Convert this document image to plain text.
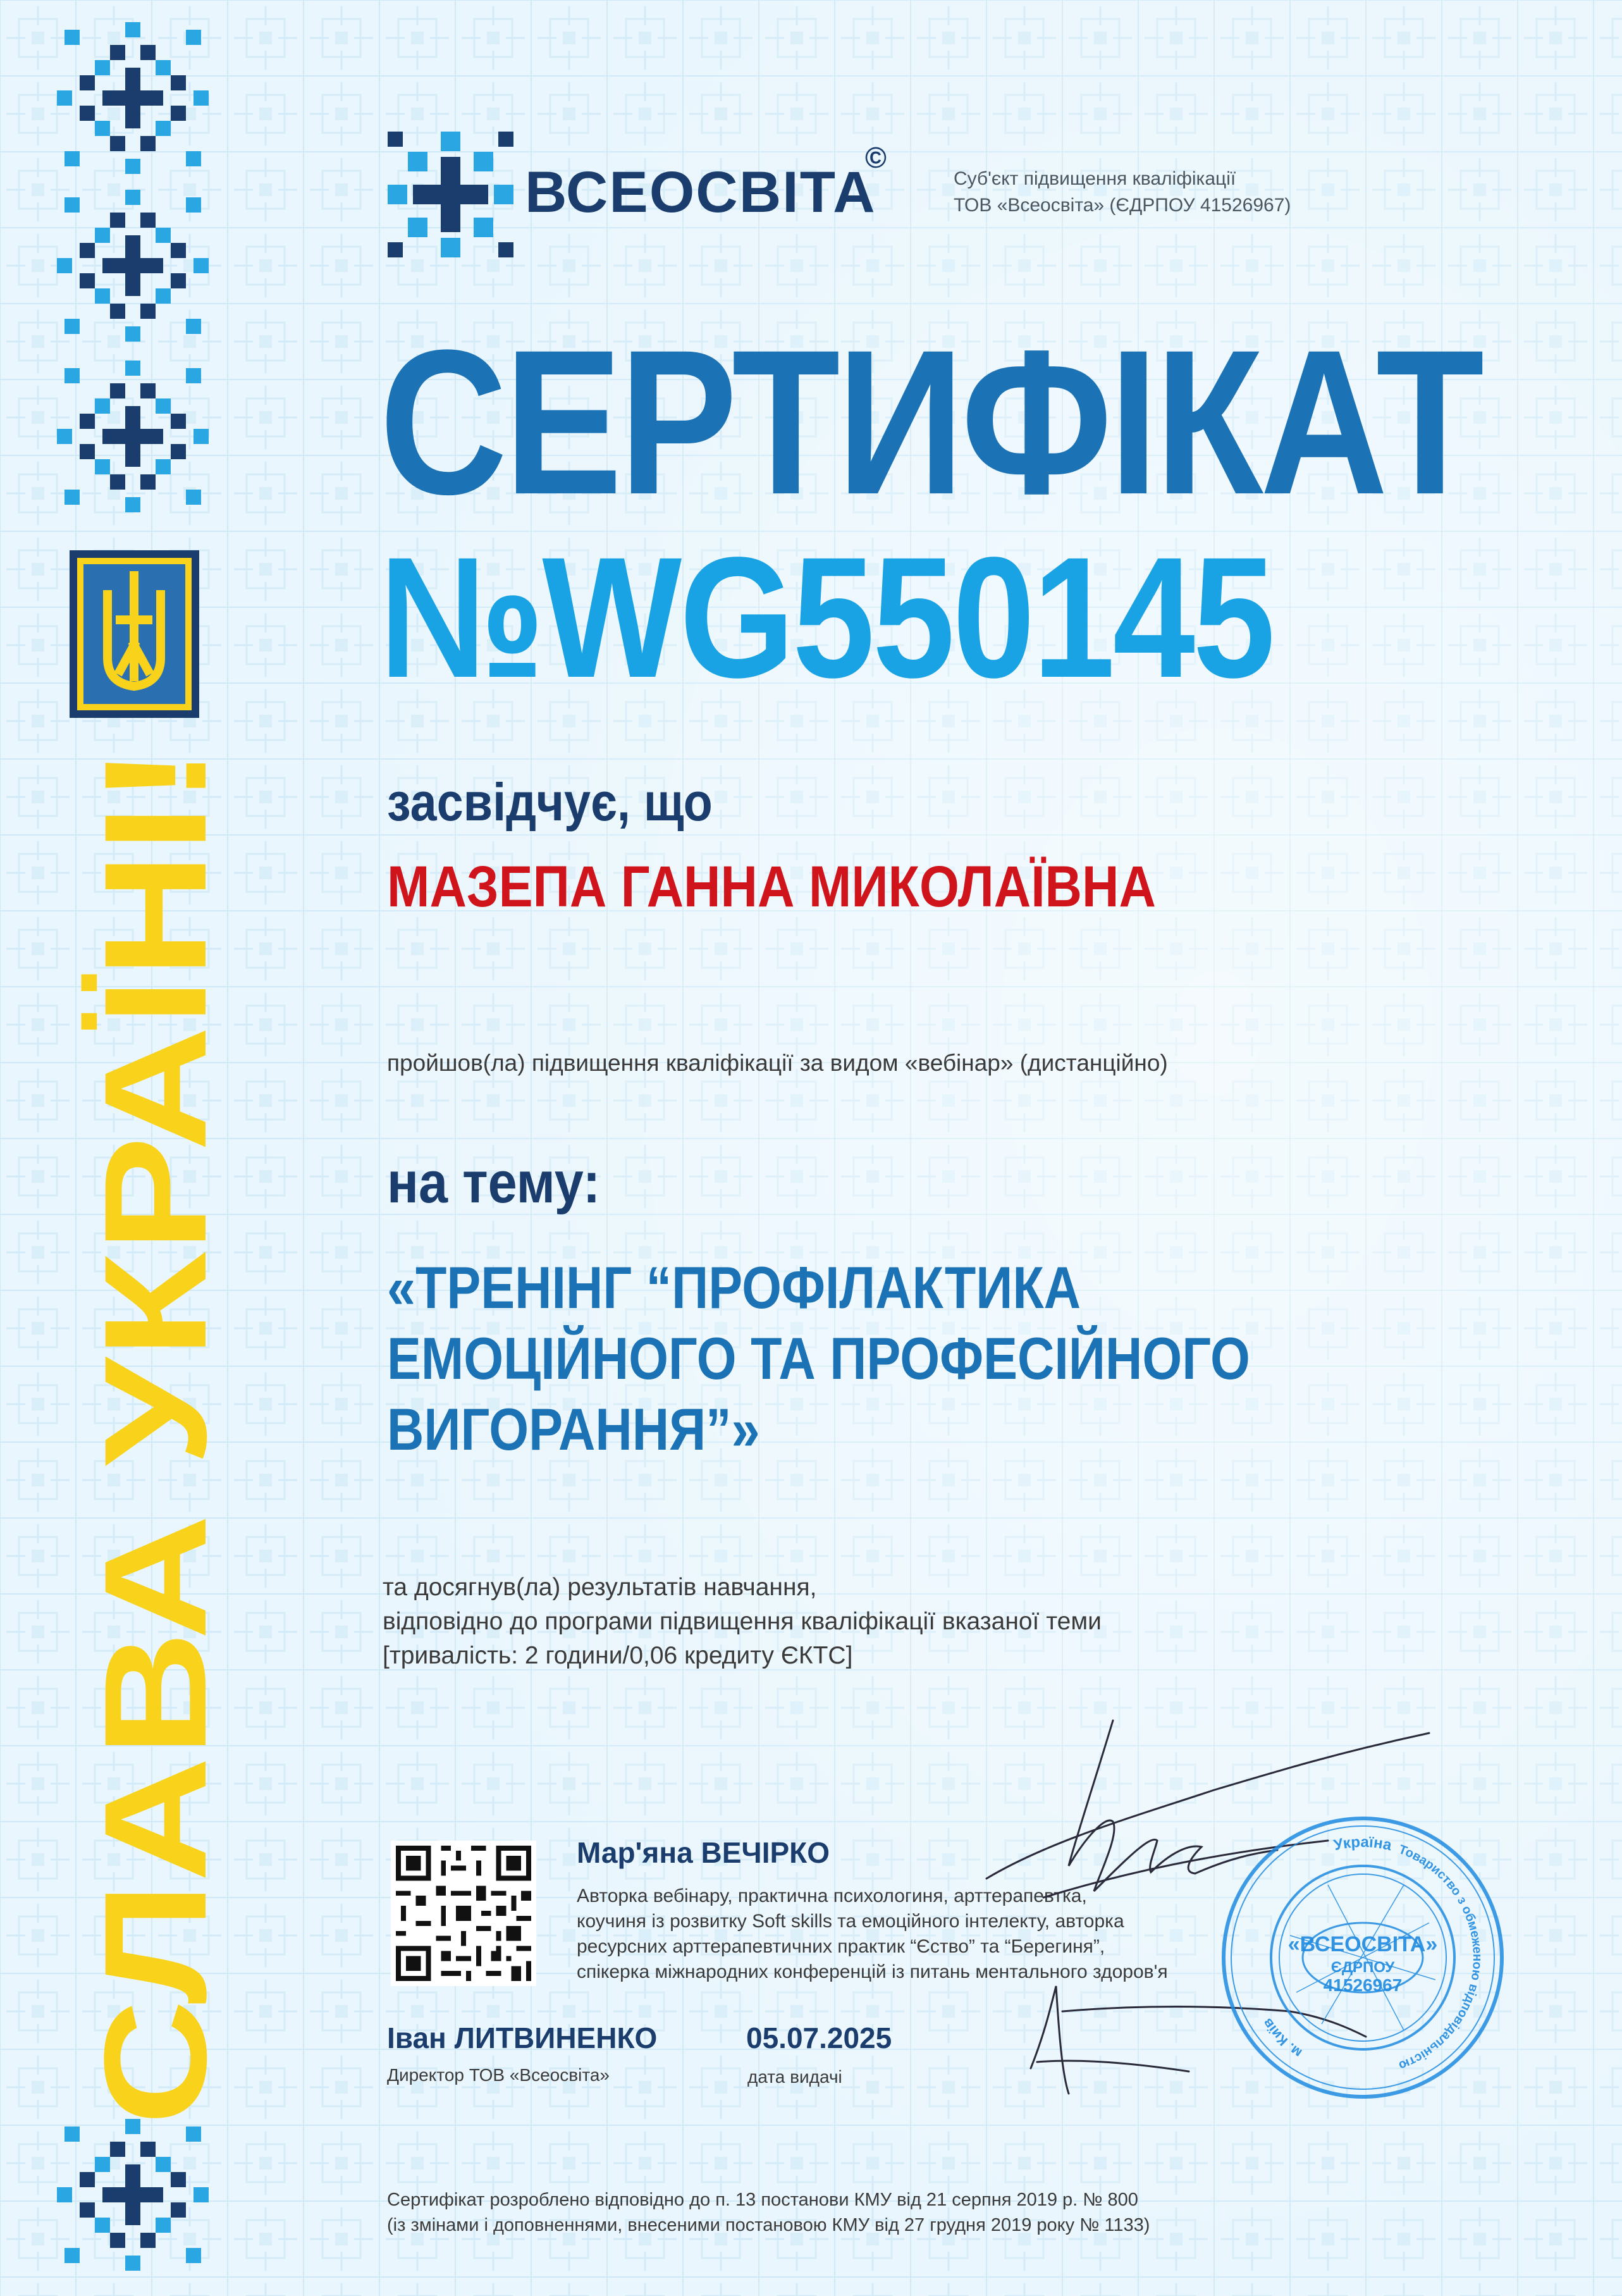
СЛАВА УКРАЇНІ!
ВСЕОСВІТА
©
Суб'єкт підвищення кваліфікації
ТОВ «Всеосвіта» (ЄДРПОУ 41526967)
СЕРТИФІКАТ
№WG550145
засвідчує, що
МАЗЕПА ГАННА МИКОЛАЇВНА
пройшов(ла) підвищення кваліфікації за видом «вебінар» (дистанційно)
на тему:
«ТРЕНІНГ “ПРОФІЛАКТИКА
ЕМОЦІЙНОГО ТА ПРОФЕСІЙНОГО
ВИГОРАННЯ”»
та досягнув(ла) результатів навчання,
відповідно до програми підвищення кваліфікації вказаної теми
[тривалість: 2 години/0,06 кредиту ЄКТС]
Мар'яна ВЕЧІРКО
Авторка вебінару, практична психологиня, арттерапевтка,
коучиня із розвитку Soft skills та емоційного інтелекту, авторка
ресурсних арттерапевтичних практик “Єство” та “Берегиня”,
спікерка міжнародних конференцій із питань ментального здоров'я
Іван ЛИТВИНЕНКО
Директор ТОВ «Всеосвіта»
05.07.2025
дата видачі
Україна Товариство з обмеженою відповідальністю
м. Київ
«ВСЕОСВІТА»
ЄДРПОУ
41526967
Сертифікат розроблено відповідно до п. 13 постанови КМУ від 21 серпня 2019 р. № 800
(із змінами і доповненнями, внесеними постановою КМУ від 27 грудня 2019 року № 1133)
